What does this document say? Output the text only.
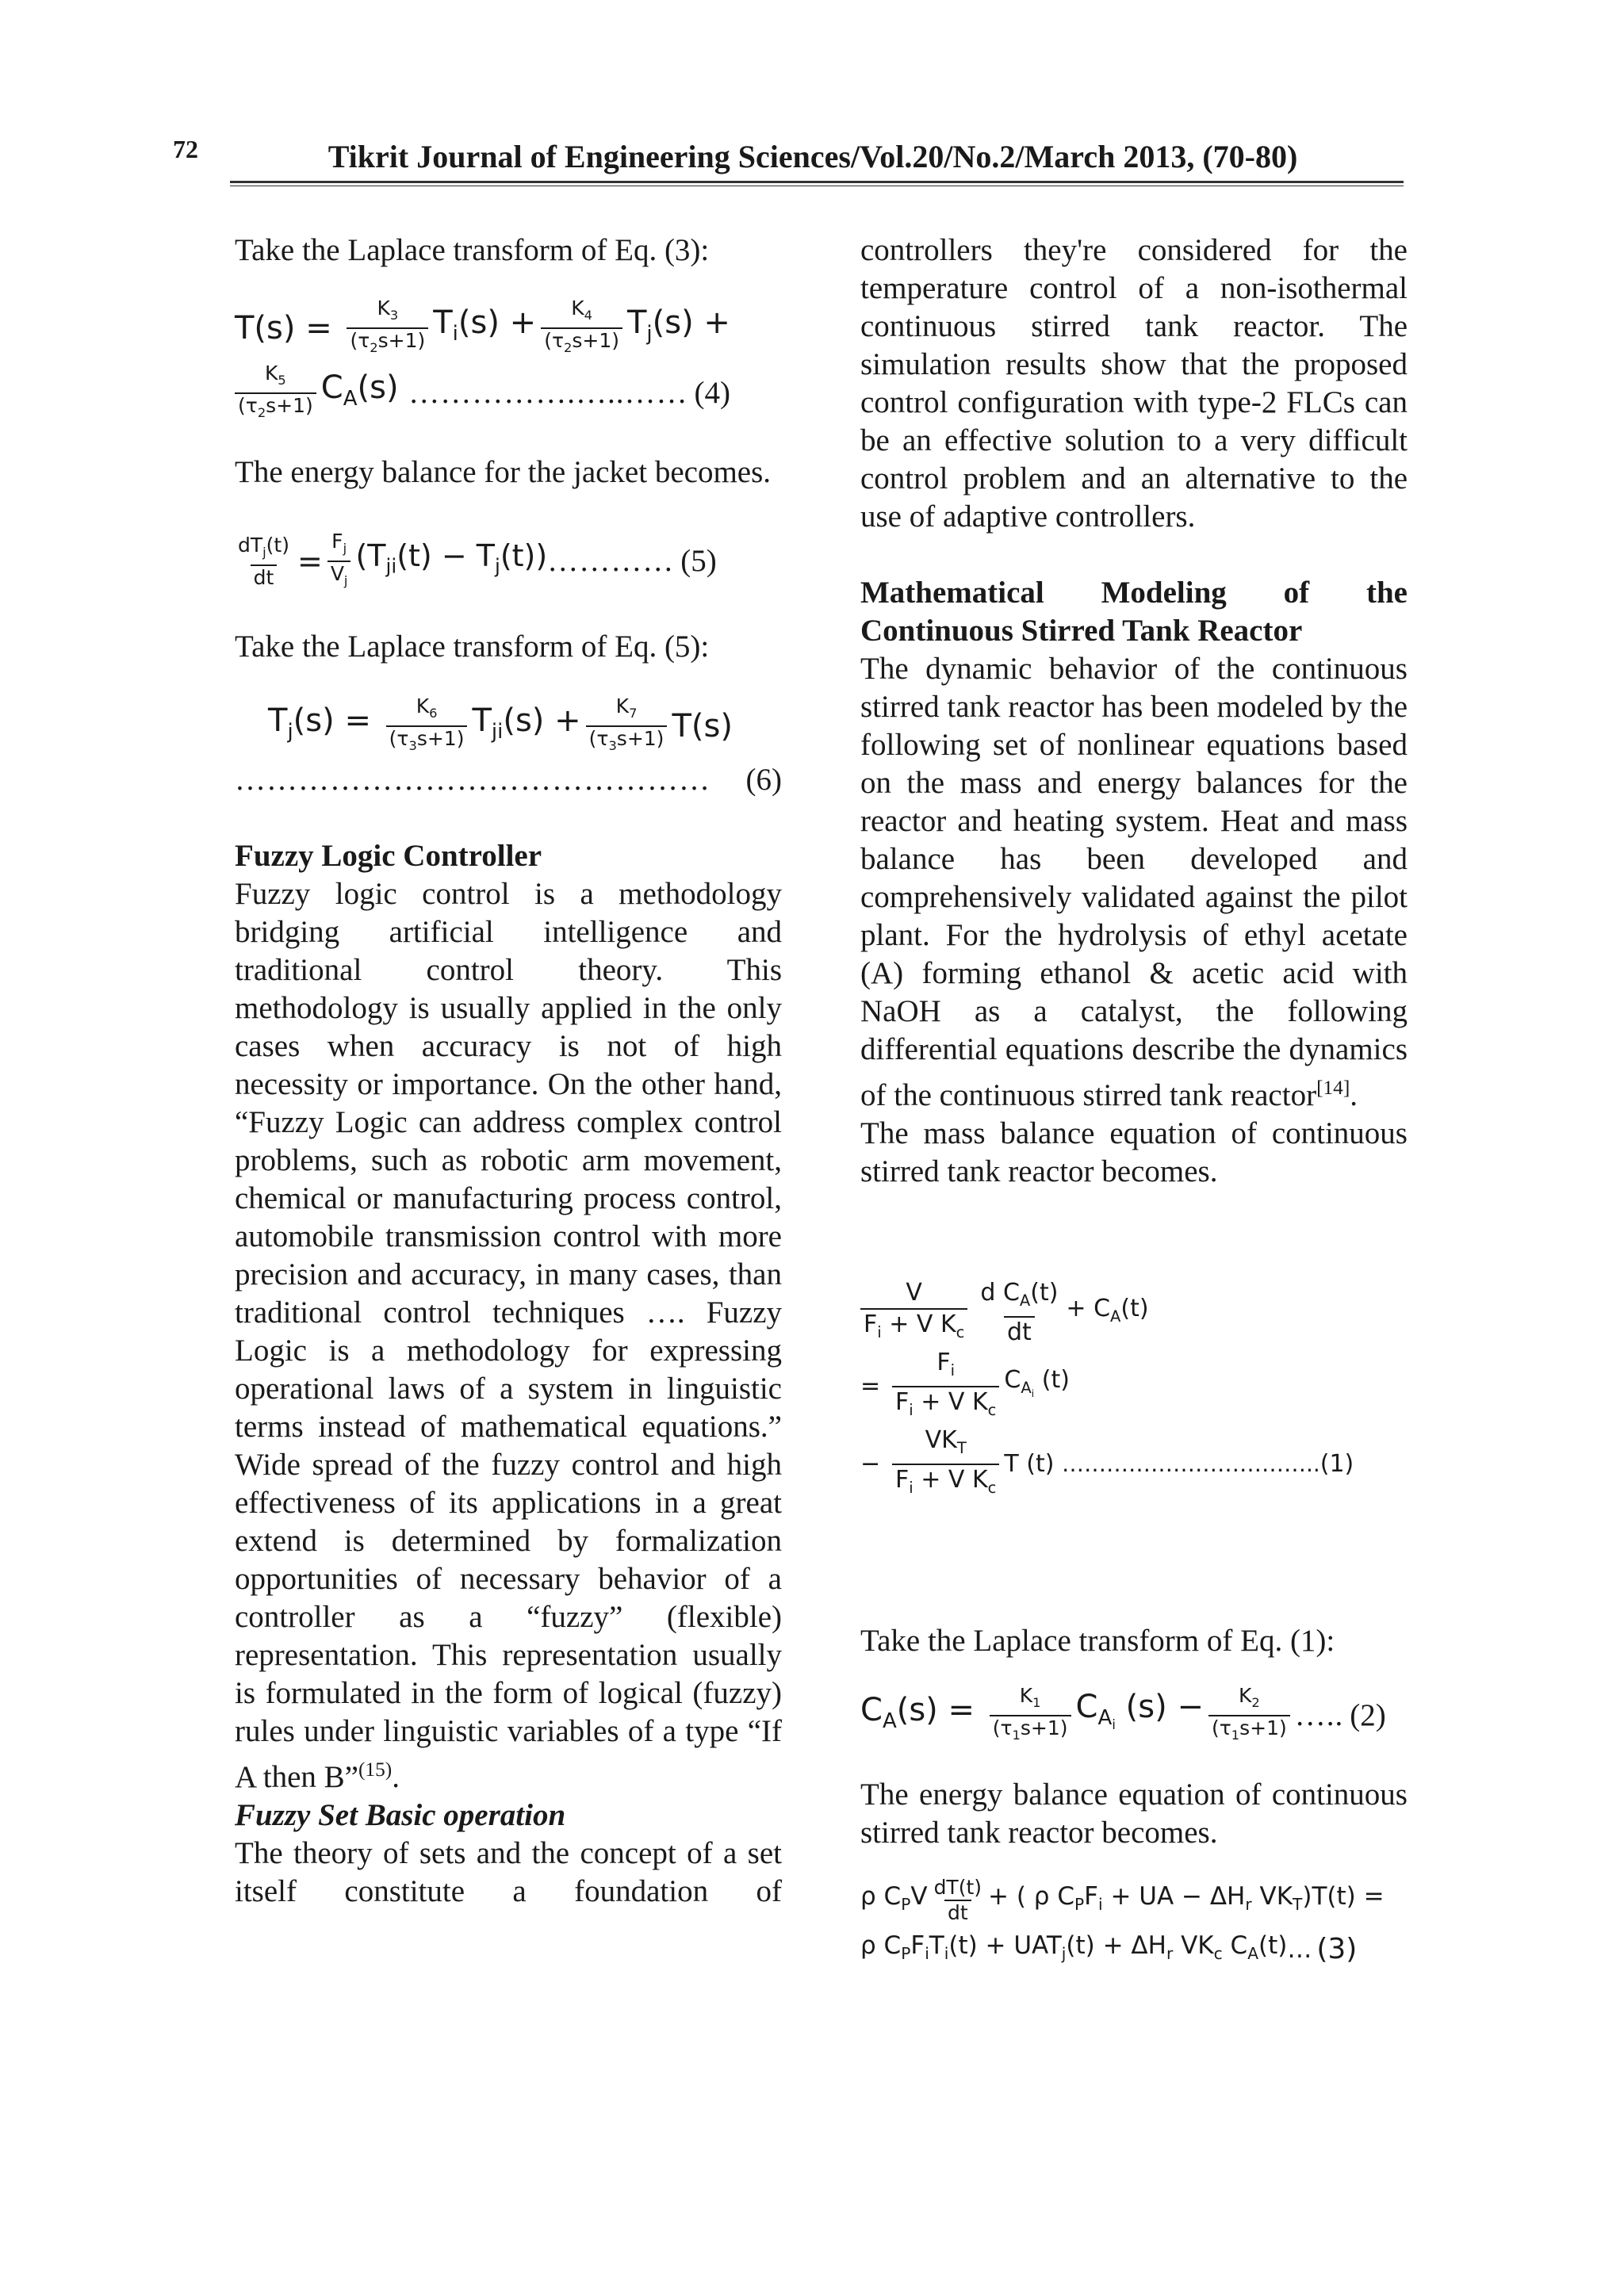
72	Tikrit Journal of Engineering Sciences/Vol.20/No.2/March 2013, (70-80)

Take the Laplace transform of Eq. (3):

$T(s) = \frac{K_3}{(\tau_2s+1)} T_i(s) + \frac{K_4}{(\tau_2s+1)} T_j(s)$ +
$\frac{K_5}{(\tau_2s+1)} C_A(s)$ …………….…..…… (4)

The energy balance for the jacket becomes.

$\frac{dT_j(t)}{dt} = \frac{F_j}{V_j} (T_{ji}(t) - T_j(t))$ ………… (5)

Take the Laplace transform of Eq. (5):

$T_j(s) = \frac{K_6}{(\tau_3s+1)} T_{ji}(s) + \frac{K_7}{(\tau_3s+1)} T(s)$
……………………………………… (6)

Fuzzy Logic Controller

Fuzzy logic control is a methodology bridging artificial intelligence and traditional control theory. This methodology is usually applied in the only cases when accuracy is not of high necessity or importance. On the other hand, “Fuzzy Logic can address complex control problems, such as robotic arm movement, chemical or manufacturing process control, automobile transmission control with more precision and accuracy, in many cases, than traditional control techniques …. Fuzzy Logic is a methodology for expressing operational laws of a system in linguistic terms instead of mathematical equations.” Wide spread of the fuzzy control and high effectiveness of its applications in a great extend is determined by formalization opportunities of necessary behavior of a controller as a “fuzzy” (flexible) representation. This representation usually is formulated in the form of logical (fuzzy) rules under linguistic variables of a type “If A then B”$^{(15)}$.

Fuzzy Set Basic operation

The theory of sets and the concept of a set itself constitute a foundation of

controllers they're considered for the temperature control of a non-isothermal continuous stirred tank reactor. The simulation results show that the proposed control configuration with type-2 FLCs can be an effective solution to a very difficult control problem and an alternative to the use of adaptive controllers.

Mathematical Modeling of the Continuous Stirred Tank Reactor

The dynamic behavior of the continuous stirred tank reactor has been modeled by the following set of nonlinear equations based on the mass and energy balances for the reactor and heating system. Heat and mass balance has been developed and comprehensively validated against the pilot plant. For the hydrolysis of ethyl acetate (A) forming ethanol & acetic acid with NaOH as a catalyst, the following differential equations describe the dynamics of the continuous stirred tank reactor[14].

The mass balance equation of continuous stirred tank reactor becomes.

$\frac{V}{F_i + V K_c} \frac{d C_A(t)}{dt} + C_A(t)$
= $\frac{F_i}{F_i + V K_c} C_{A_i}$ (t)
− $\frac{VK_T}{F_i + V K_c}$ T (t) …………………………….. (1)

Take the Laplace transform of Eq. (1):

$C_A(s) = \frac{K_1}{(\tau_1s+1)} C_{A_i}$ $(s) - \frac{K_2}{(\tau_1s+1)}$ ….. (2)

The energy balance equation of continuous stirred tank reactor becomes.

ρ $C_PV \frac{dT(t)}{dt}$ + ( ρ $C_PF_i$ + UA − $\Delta H_r$ $VK_T)T(t)$ =
ρ $C_PF_iT_i(t) + UAT_j(t) + \Delta H_r$ $VK_c$ $C_A(t)$ … (3)
